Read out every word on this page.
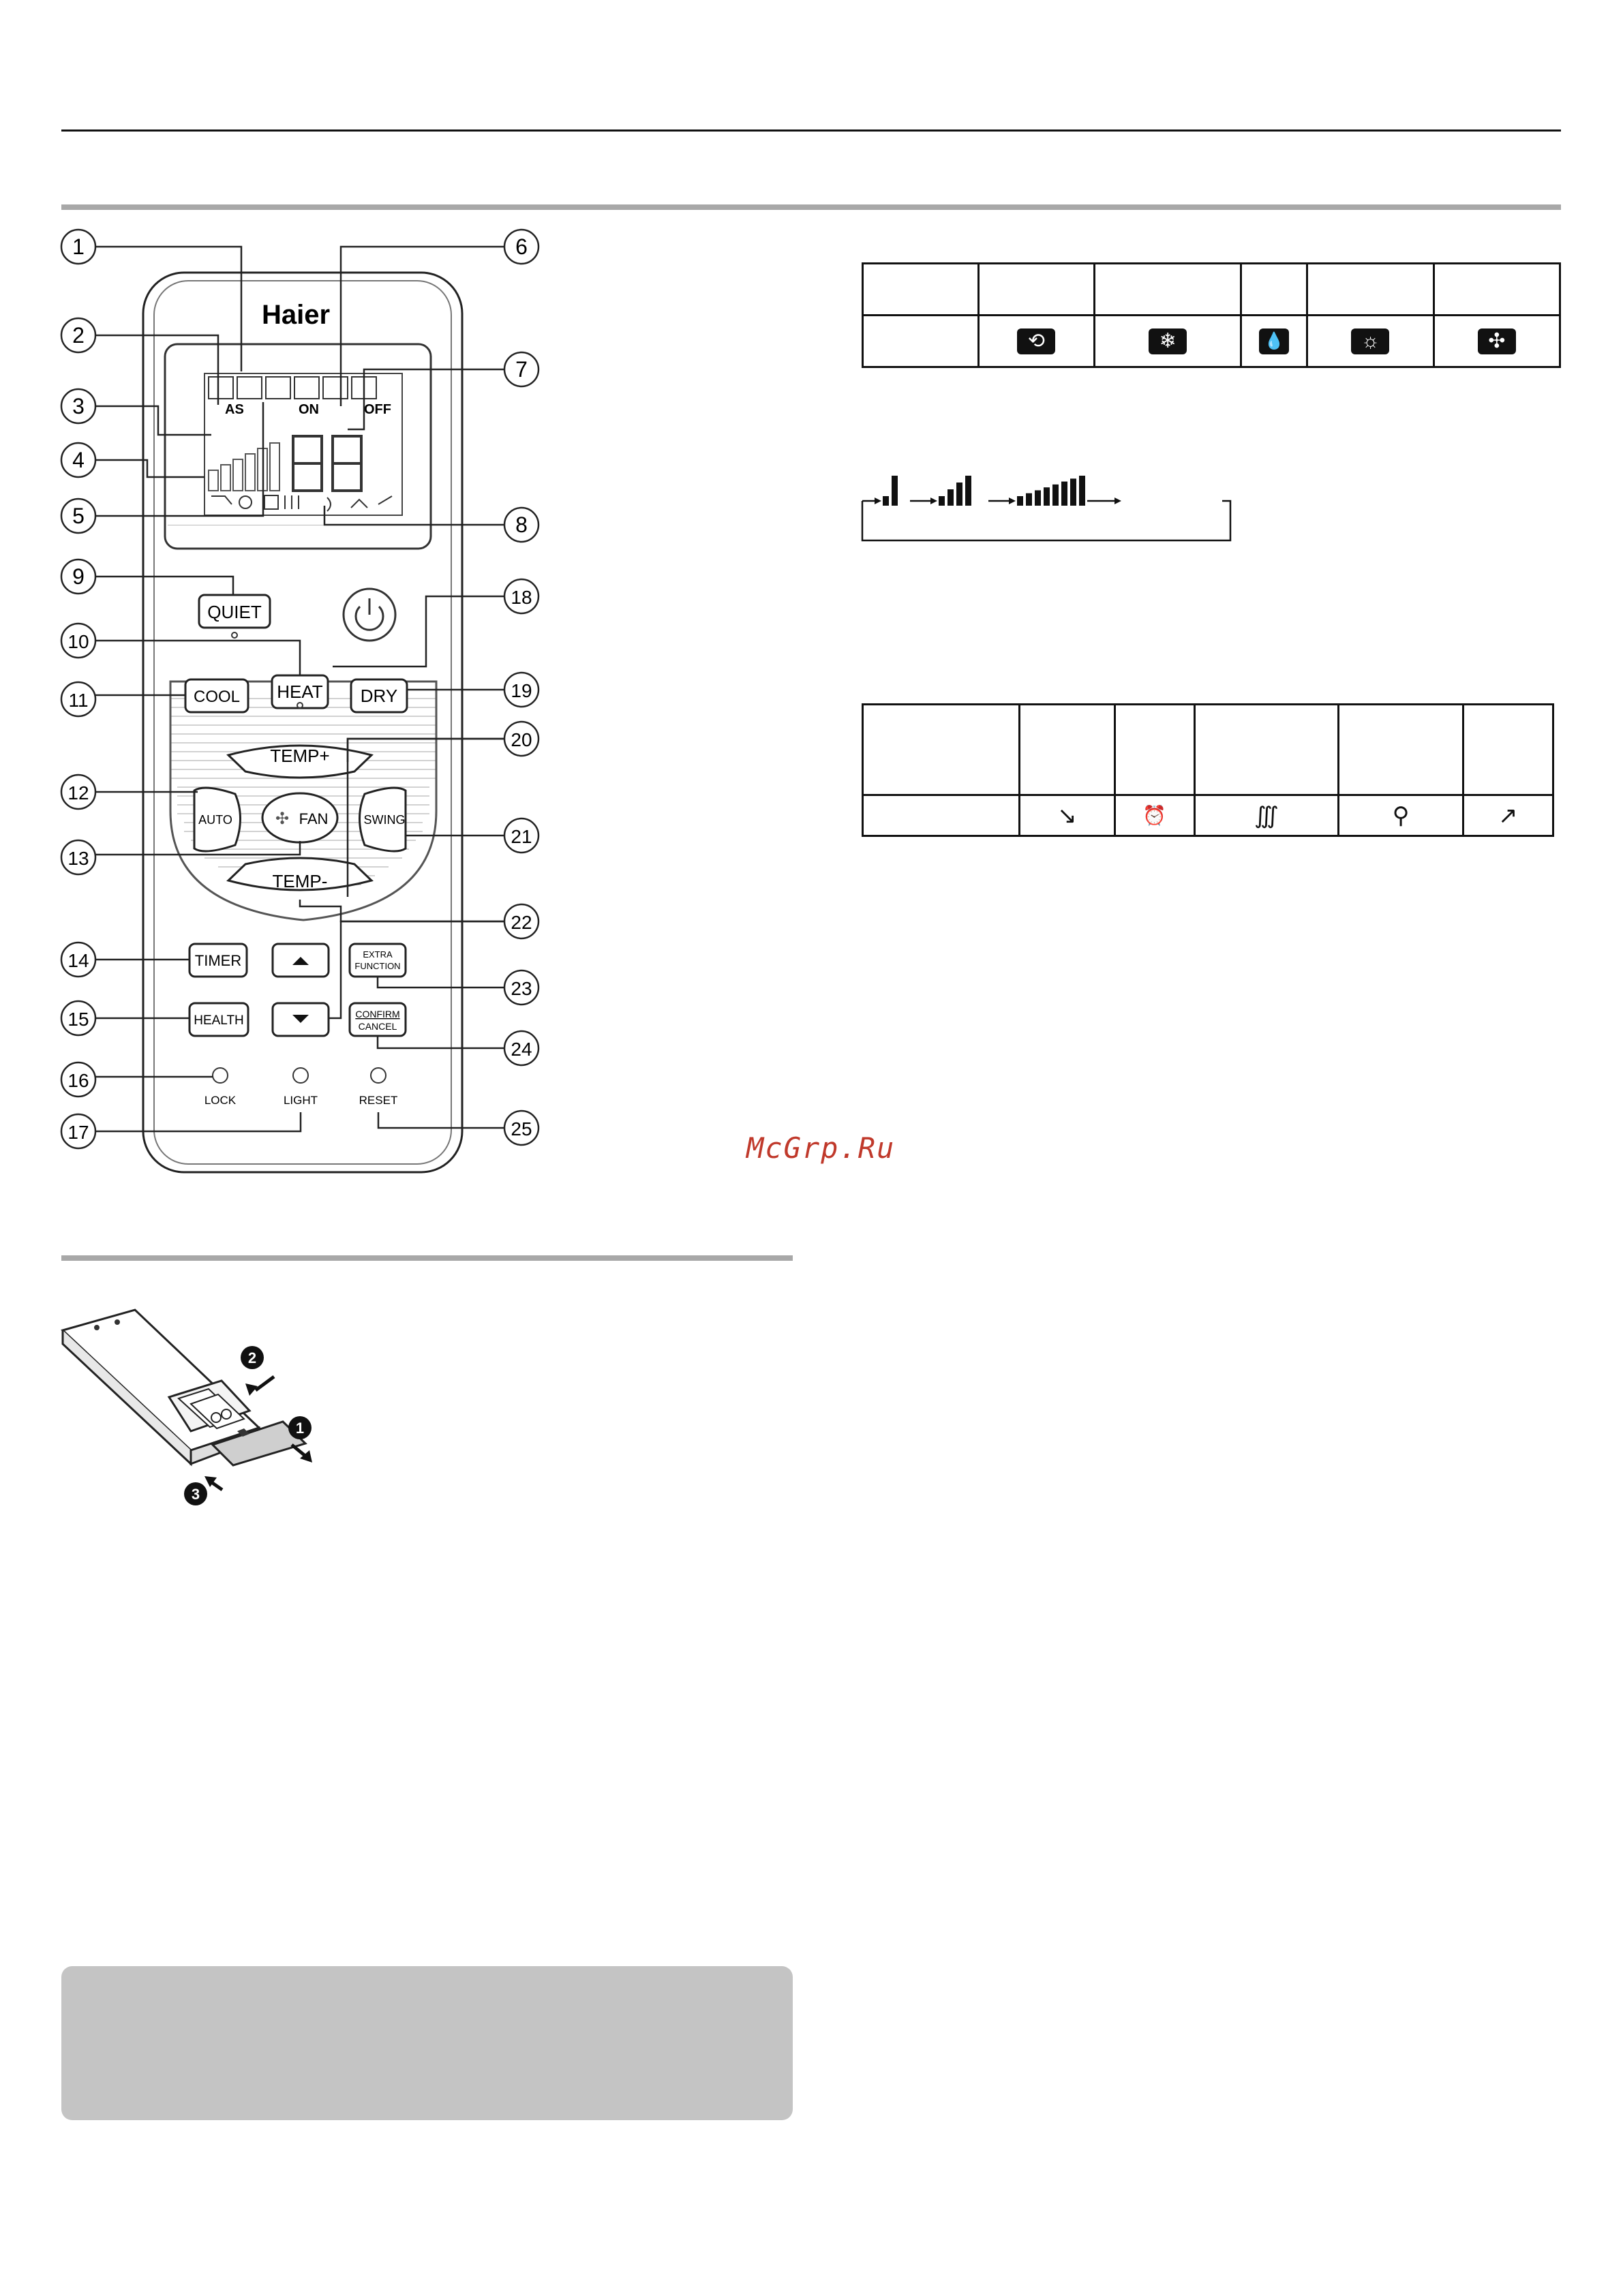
Haier
AS	ON	OFF
QUIET
COOL HEAT DRY
TEMP+
AUTO	✣ FAN	SWING
TEMP-
TIMER	EXTRA
FUNCTION
HEALTH	CONFIRM
CANCEL
LOCK	LIGHT	RESET
1
2
3
4
5
9
10
11
12
13
14
15
16
17
6
7
8
18
19
20
21
22
23
24
25

	⟲	❄	💧	☼	✣

	↘	⏰	∭	⚲	↗
McGrp.Ru
2
1
3
